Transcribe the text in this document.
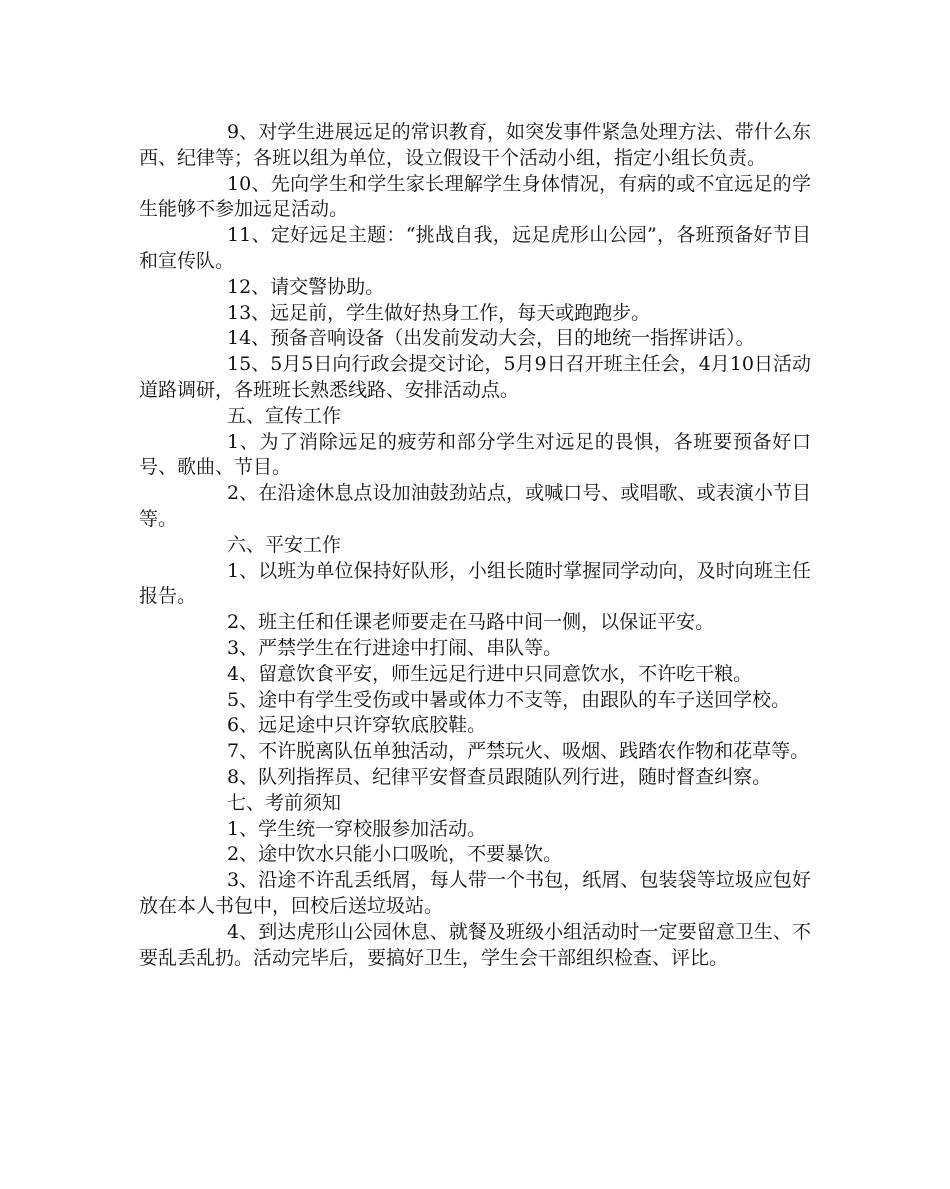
9、对学生进展远足的常识教育，如突发事件紧急处理方法、带什么东西、纪律等；各班以组为单位，设立假设干个活动小组，指定小组长负责。

10、先向学生和学生家长理解学生身体情况，有病的或不宜远足的学生能够不参加远足活动。

11、定好远足主题：“挑战自我，远足虎形山公园”，各班预备好节目和宣传队。

12、请交警协助。

13、远足前，学生做好热身工作，每天或跑跑步。

14、预备音响设备（出发前发动大会，目的地统一指挥讲话）。

15、5月5日向行政会提交讨论，5月9日召开班主任会，4月10日活动道路调研，各班班长熟悉线路、安排活动点。

五、宣传工作

1、为了消除远足的疲劳和部分学生对远足的畏惧，各班要预备好口号、歌曲、节目。

2、在沿途休息点设加油鼓劲站点，或喊口号、或唱歌、或表演小节目等。

六、平安工作

1、以班为单位保持好队形，小组长随时掌握同学动向，及时向班主任报告。

2、班主任和任课老师要走在马路中间一侧，以保证平安。

3、严禁学生在行进途中打闹、串队等。

4、留意饮食平安，师生远足行进中只同意饮水，不许吃干粮。

5、途中有学生受伤或中暑或体力不支等，由跟队的车子送回学校。

6、远足途中只许穿软底胶鞋。

7、不许脱离队伍单独活动，严禁玩火、吸烟、践踏农作物和花草等。

8、队列指挥员、纪律平安督查员跟随队列行进，随时督查纠察。

七、考前须知

1、学生统一穿校服参加活动。

2、途中饮水只能小口吸吮，不要暴饮。

3、沿途不许乱丢纸屑，每人带一个书包，纸屑、包装袋等垃圾应包好放在本人书包中，回校后送垃圾站。

4、到达虎形山公园休息、就餐及班级小组活动时一定要留意卫生、不要乱丢乱扔。活动完毕后，要搞好卫生，学生会干部组织检查、评比。
